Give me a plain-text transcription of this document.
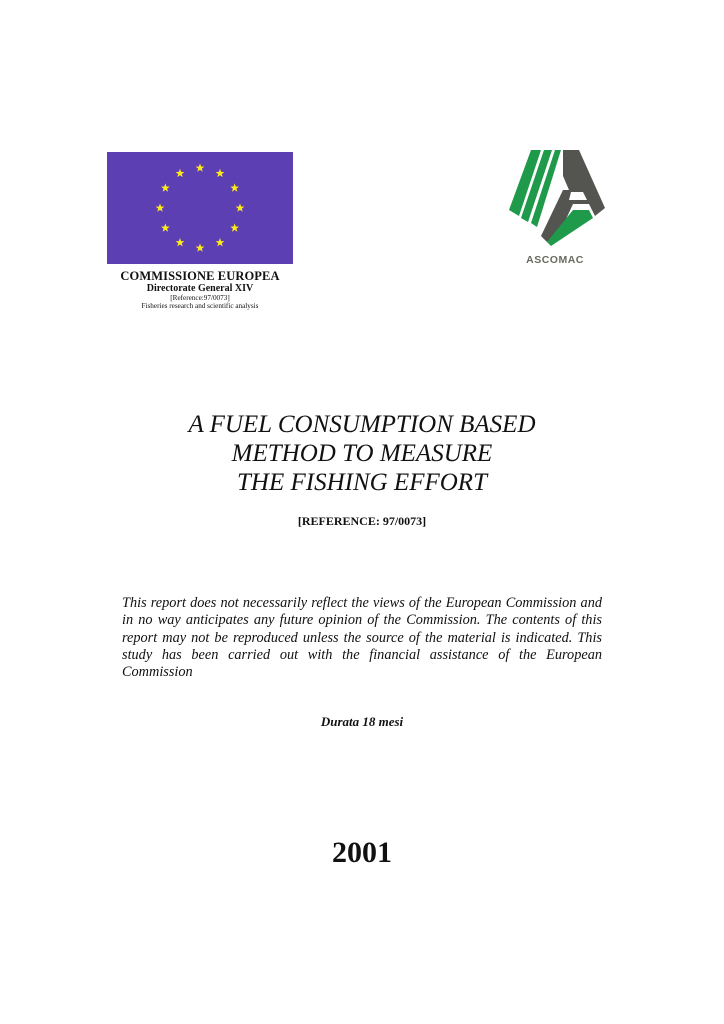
COMMISSIONE EUROPEA
Directorate General XIV
[Reference:97/0073]
Fisheries research and scientific analysis
ASCOMAC

A FUEL CONSUMPTION BASED

METHOD TO MEASURE

THE FISHING EFFORT

[REFERENCE: 97/0073]

This report does not necessarily reflect the views of the European Commission and in no way anticipates any future opinion of the Commission. The contents of this report may not be reproduced unless the source of the material is indicated. This study has been carried out with the financial assistance of the European Commission

Durata 18 mesi
2001
